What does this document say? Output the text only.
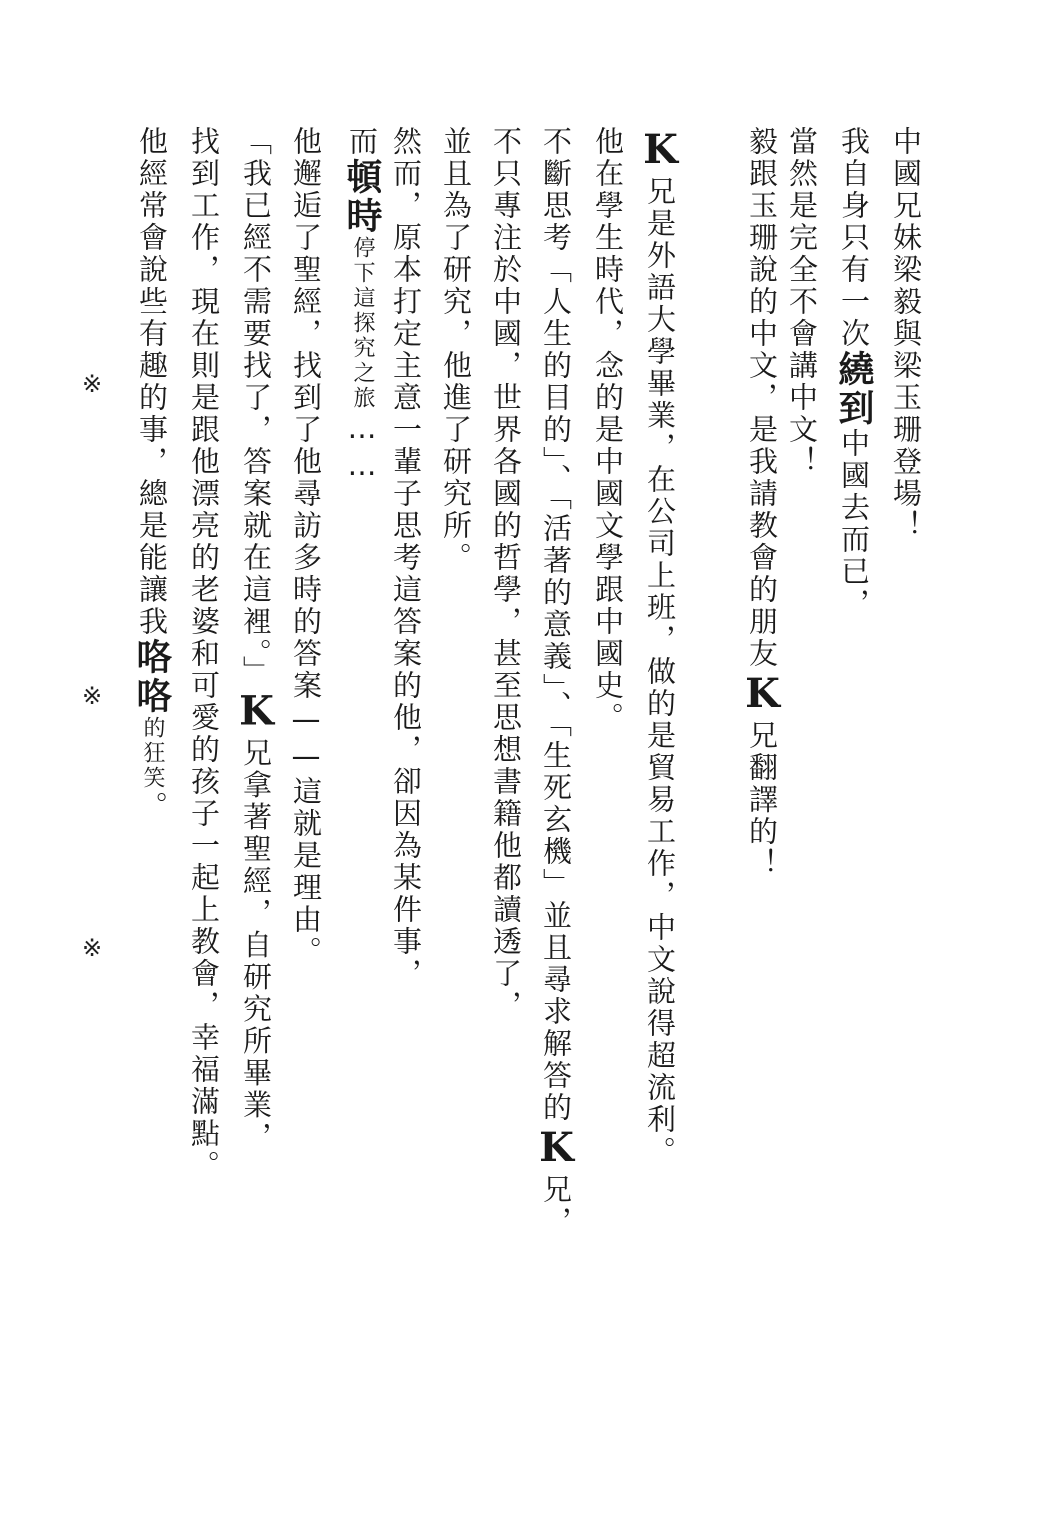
中國兄妹梁毅與梁玉珊登場！
我自身只有一次繞到中國去而已，
當然是完全不會講中文！
毅跟玉珊說的中文，是我請教會的朋友K兄翻譯的！
K兄是外語大學畢業，在公司上班，做的是貿易工作，中文說得超流利。
他在學生時代，念的是中國文學跟中國史。
不斷思考「人生的目的」、「活著的意義」、「生死玄機」並且尋求解答的K兄，
不只專注於中國，世界各國的哲學，甚至思想書籍他都讀透了，
並且為了研究，他進了研究所。
然而，原本打定主意一輩子思考這答案的他，卻因為某件事，
而頓時停下這探究之旅……
他邂逅了聖經，找到了他尋訪多時的答案——這就是理由。
「我已經不需要找了，答案就在這裡。」K兄拿著聖經，自研究所畢業，
找到工作，現在則是跟他漂亮的老婆和可愛的孩子一起上教會，幸福滿點。
他經常會說些有趣的事，總是能讓我咯咯的狂笑。
※
※
※
